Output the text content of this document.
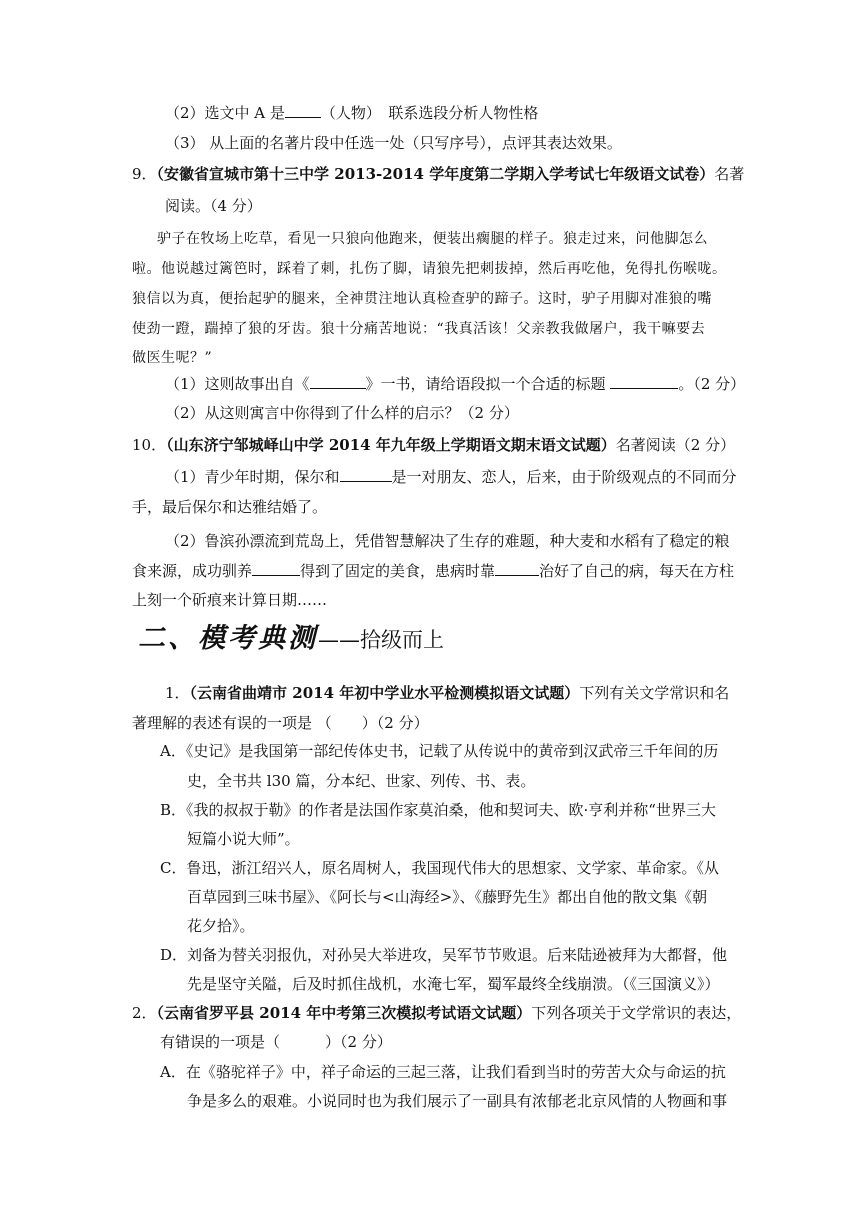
（2）选文中 A 是 （人物）　联系选段分析人物性格
（3） 从上面的名著片段中任选一处（只写序号），点评其表达效果。
9．（安徽省宣城市第十三中学 2013-2014 学年度第二学期入学考试七年级语文试卷）名著
阅读。（4 分）
驴子在牧场上吃草，看见一只狼向他跑来，便装出瘸腿的样子。狼走过来，问他脚怎么
啦。他说越过篱笆时，踩着了刺，扎伤了脚，请狼先把刺拔掉，然后再吃他，免得扎伤喉咙。
狼信以为真，便抬起驴的腿来，全神贯注地认真检查驴的蹄子。这时，驴子用脚对准狼的嘴
使劲一蹬，踹掉了狼的牙齿。狼十分痛苦地说：“我真活该！父亲教我做屠户，我干嘛要去
做医生呢？”
（1）这则故事出自《	》一书，请给语段拟一个合适的标题	。（2 分）
（2）从这则寓言中你得到了什么样的启示？（2 分）
10．（山东济宁邹城峄山中学 2014 年九年级上学期语文期末语文试题）名著阅读（2 分）
（1）青少年时期，保尔和	是一对朋友、恋人，后来，由于阶级观点的不同而分
手，最后保尔和达雅结婚了。
（2）鲁滨孙漂流到荒岛上，凭借智慧解决了生存的难题，种大麦和水稻有了稳定的粮
食来源，成功驯养	得到了固定的美食，患病时靠	治好了自己的病，每天在方柱
上刻一个斫痕来计算日期……
二、模考典测——拾级而上
1．（云南省曲靖市 2014 年初中学业水平检测模拟语文试题）下列有关文学常识和名
著理解的表述有误的一项是 （　　）（2 分）
A．《史记》是我国第一部纪传体史书，记载了从传说中的黄帝到汉武帝三千年间的历
史，全书共 l30 篇，分本纪、世家、列传、书、表。
B．《我的叔叔于勒》的作者是法国作家莫泊桑，他和契诃夫、欧·亨利并称“世界三大
短篇小说大师”。
C．鲁迅，浙江绍兴人，原名周树人，我国现代伟大的思想家、文学家、革命家。《从
百草园到三味书屋》、《阿长与<山海经>》、《藤野先生》都出自他的散文集《朝
花夕拾》。
D．刘备为替关羽报仇，对孙吴大举进攻，吴军节节败退。后来陆逊被拜为大都督，他
先是坚守关隘，后及时抓住战机，水淹七军，蜀军最终全线崩溃。（《三国演义》）
2．（云南省罗平县 2014 年中考第三次模拟考试语文试题）下列各项关于文学常识的表达，
有错误的一项是（　　　）（2 分）
A．在《骆驼祥子》中，祥子命运的三起三落，让我们看到当时的劳苦大众与命运的抗
争是多么的艰难。小说同时也为我们展示了一副具有浓郁老北京风情的人物画和事
